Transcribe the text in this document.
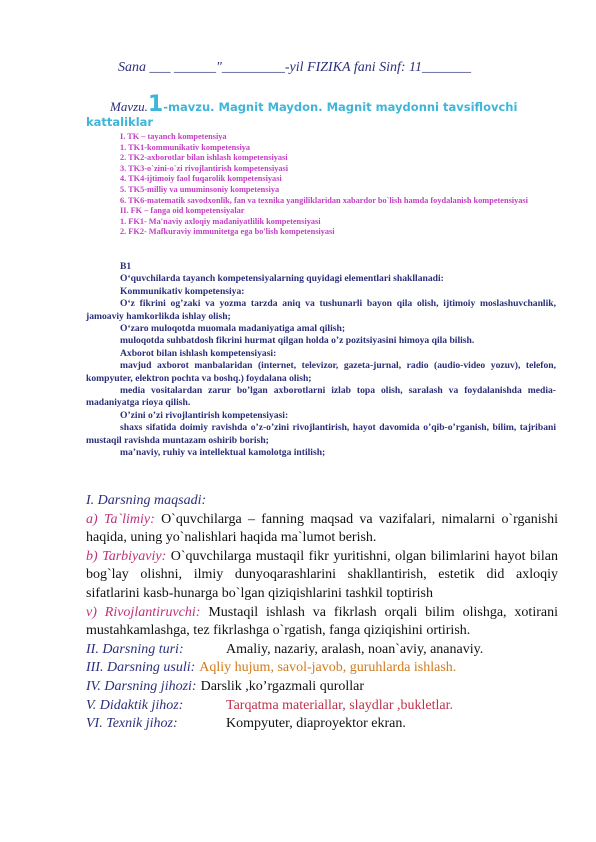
Sana ___ ______"_________-yil FIZIKA fani Sinf: 11_______
Mavzu.1-mavzu. Magnit Maydon. Magnit maydonni tavsiflovchi
kattaliklar
I. TK – tayanch kompetensiya
1. TK1-kommunikativ kompetensiya
2. TK2-axborotlar bilan ishlash kompetensiyasi
3. TK3-o`zini-o`zi rivojlantirish kompetensiyasi
4. TK4-ijtimoiy faol fuqarolik kompetensiyasi
5. TK5-milliy va umuminsoniy kompetensiya
6. TK6-matematik savodxonlik, fan va texnika yangiliklaridan xabardor bo`lish hamda foydalanish kompetensiyasi
II. FK – fanga oid kompetensiyalar
1. FK1- Ma'naviy axloqiy madaniyatlilik kompetensiyasi
2. FK2- Mafkuraviy immunitetga ega bo'lish kompetensiyasi

B1

O‘quvchilarda tayanch kompetensiyalarning quyidagi elementlari shakllanadi:

Kommunikativ kompetensiya:

O‘z fikrini og’zaki va yozma tarzda aniq va tushunarli bayon qila olish, ijtimoiy moslashuvchanlik, jamoaviy hamkorlikda ishlay olish;

O‘zaro muloqotda muomala madaniyatiga amal qilish;

muloqotda suhbatdosh fikrini hurmat qilgan holda o’z pozitsiyasini himoya qila bilish.

Axborot bilan ishlash kompetensiyasi:

mavjud axborot manbalaridan (internet, televizor, gazeta-jurnal, radio (audio-video yozuv), telefon, kompyuter, elektron pochta va boshq.) foydalana olish;

media vositalardan zarur bo’lgan axborotlarni izlab topa olish, saralash va foydalanishda media-madaniyatga rioya qilish.

O’zini o’zi rivojlantirish kompetensiyasi:

shaxs sifatida doimiy ravishda o’z-o’zini rivojlantirish, hayot davomida o’qib-o’rganish, bilim, tajribani mustaqil ravishda muntazam oshirib borish;

ma’naviy, ruhiy va intellektual kamolotga intilish;

I. Darsning maqsadi:

a) Ta`limiy: O`quvchilarga – fanning maqsad va vazifalari, nimalarni o`rganishi haqida, uning yo`nalishlari haqida ma`lumot berish.

b) Tarbiyaviy: O`quvchilarga mustaqil fikr yuritishni, olgan bilimlarini hayot bilan bog`lay olishni, ilmiy dunyoqarashlarini shakllantirish, estetik did axloqiy sifatlarini kasb-hunarga bo`lgan qiziqishlarini tashkil toptirish

v) Rivojlantiruvchi: Mustaqil ishlash va fikrlash orqali bilim olishga, xotirani mustahkamlashga, tez fikrlashga o`rgatish, fanga qiziqishini ortirish.

II. Darsning turi:	Amaliy, nazariy, aralash, noan`aviy, ananaviy.
III. Darsning usuli: Aqliy hujum, savol-javob, guruhlarda ishlash.
IV. Darsning jihozi: Darslik ,ko’rgazmali qurollar
V. Didaktik jihoz:	Tarqatma materiallar, slaydlar ,bukletlar.
VI. Texnik jihoz:	Kompyuter, diaproyektor ekran.
